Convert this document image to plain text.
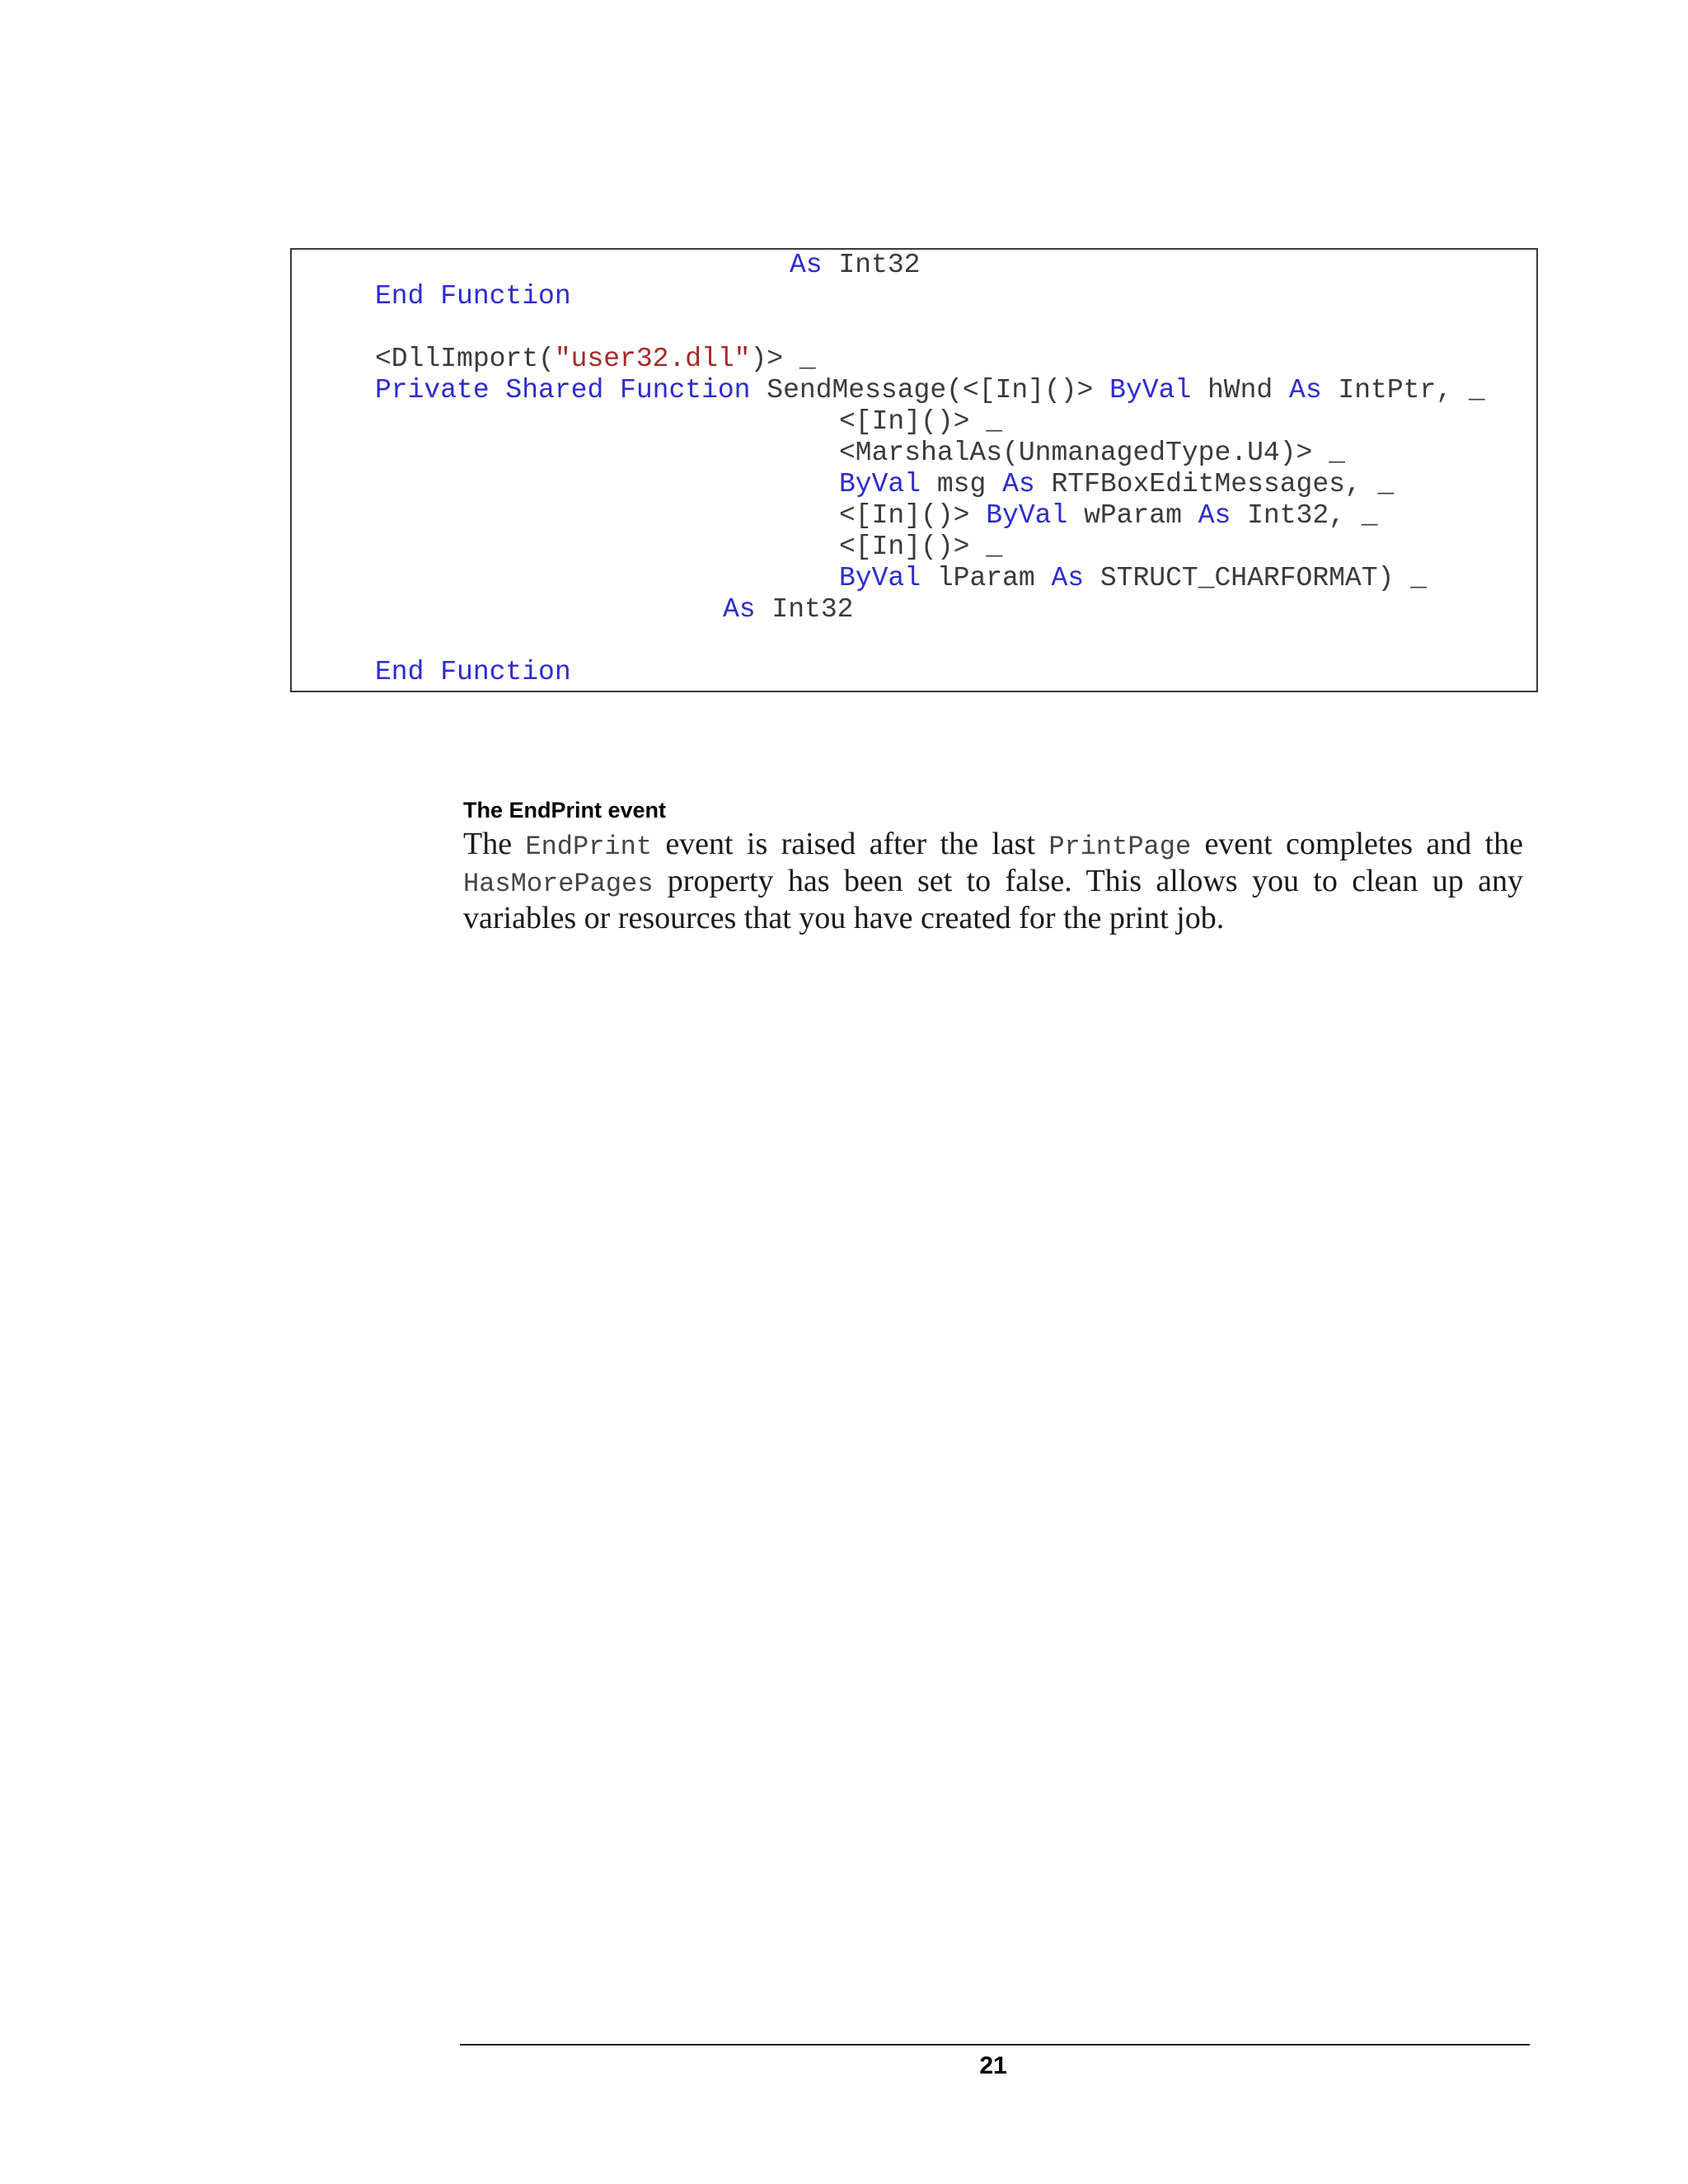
As Int32
End Function
<DllImport("user32.dll")> _
Private Shared Function SendMessage(<[In]()> ByVal hWnd As IntPtr, _
<[In]()> _
<MarshalAs(UnmanagedType.U4)> _
ByVal msg As RTFBoxEditMessages, _
<[In]()> ByVal wParam As Int32, _
<[In]()> _
ByVal lParam As STRUCT_CHARFORMAT) _
As Int32
End Function
The EndPrint event
The EndPrint event is raised after the last PrintPage event completes and the
HasMorePages property has been set to false. This allows you to clean up any
variables or resources that you have created for the print job.
21
